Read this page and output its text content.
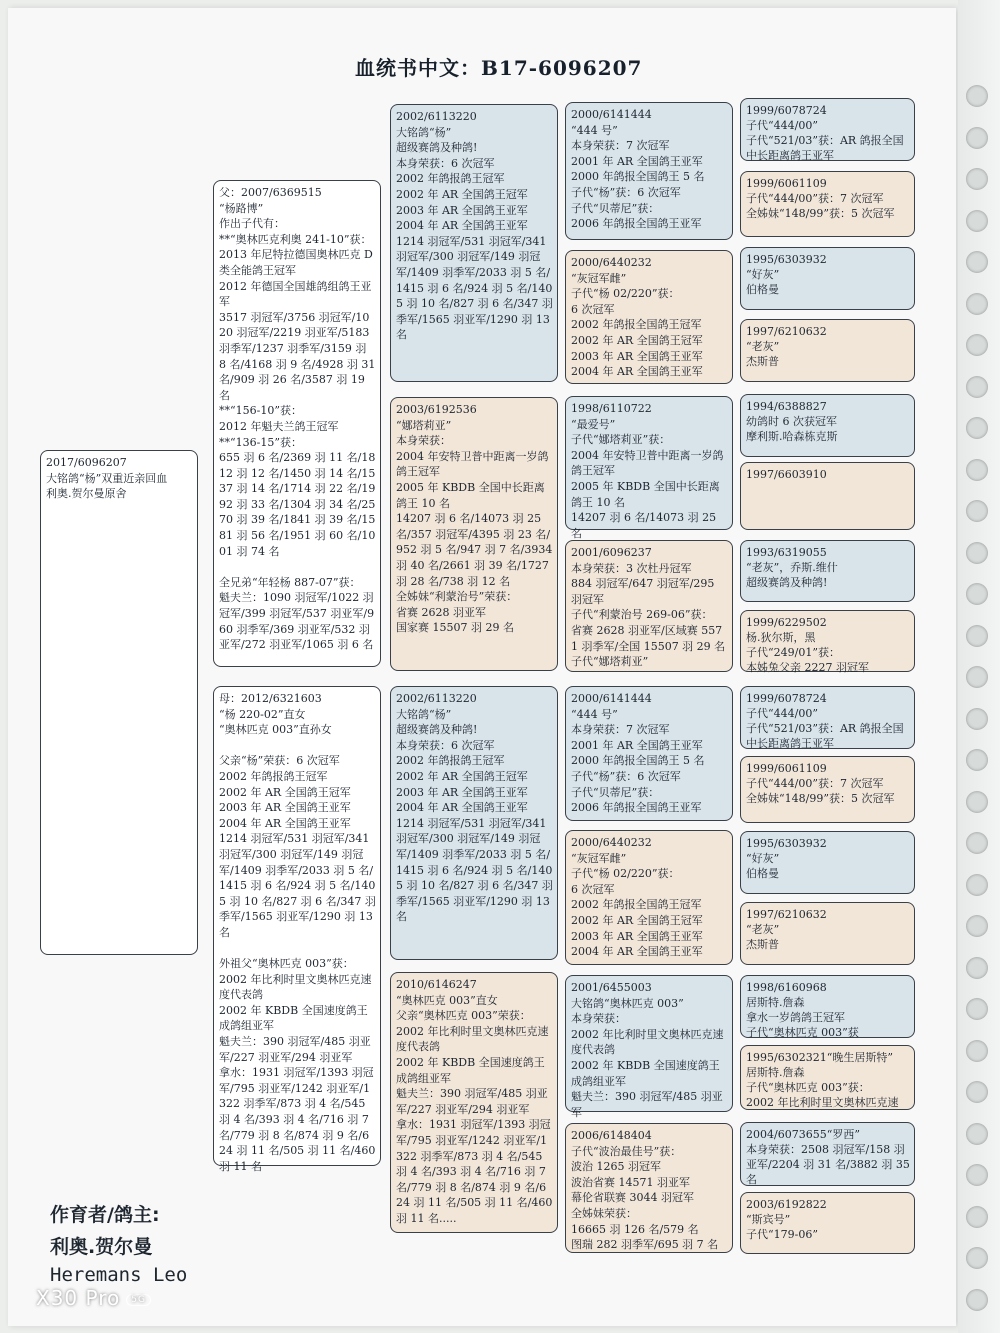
血统书中文：B17-6096207
2017/6096207
大铭鸽“杨”双重近亲回血
利奥.贺尔曼原舍
父：2007/6369515
“杨路博”
作出子代有：
**“奥林匹克利奥 241-10”获：
2013 年尼特拉德国奥林匹克 D 类全能鸽王冠军
2012 年德国全国雄鸽组鸽王亚军
3517 羽冠军/3756 羽冠军/1020 羽冠军/2219 羽亚军/5183 羽季军/1237 羽季军/3159 羽 8 名/4168 羽 9 名/4928 羽 31 名/909 羽 26 名/3587 羽 19 名
**“156-10”获：
2012 年魁夫兰鸽王冠军
**“136-15”获：
655 羽 6 名/2369 羽 11 名/1812 羽 12 名/1450 羽 14 名/1537 羽 14 名/1714 羽 22 名/1992 羽 33 名/1304 羽 34 名/2570 羽 39 名/1841 羽 39 名/1581 羽 56 名/1951 羽 60 名/1001 羽 74 名

全兄弟“年轻杨 887-07”获：
魁夫兰：1090 羽冠军/1022 羽冠军/399 羽冠军/537 羽亚军/960 羽季军/369 羽亚军/532 羽亚军/272 羽亚军/1065 羽 6 名
母：2012/6321603
“杨 220-02”直女
“奥林匹克 003”直孙女

父亲“杨”荣获：6 次冠军
2002 年鸽报鸽王冠军
2002 年 AR 全国鸽王冠军
2003 年 AR 全国鸽王亚军
2004 年 AR 全国鸽王亚军
1214 羽冠军/531 羽冠军/341 羽冠军/300 羽冠军/149 羽冠军/1409 羽季军/2033 羽 5 名/1415 羽 6 名/924 羽 5 名/1405 羽 10 名/827 羽 6 名/347 羽季军/1565 羽亚军/1290 羽 13 名

外祖父“奥林匹克 003”获：
2002 年比利时里文奥林匹克速度代表鸽
2002 年 KBDB 全国速度鸽王成鸽组亚军
魁夫兰：390 羽冠军/485 羽亚军/227 羽亚军/294 羽亚军
拿水：1931 羽冠军/1393 羽冠军/795 羽亚军/1242 羽亚军/1322 羽季军/873 羽 4 名/545 羽 4 名/393 羽 4 名/716 羽 7 名/779 羽 8 名/874 羽 9 名/624 羽 11 名/505 羽 11 名/460 羽 11 名
2002/6113220
大铭鸽“杨”
超级赛鸽及种鸽!
本身荣获：6 次冠军
2002 年鸽报鸽王冠军
2002 年 AR 全国鸽王冠军
2003 年 AR 全国鸽王亚军
2004 年 AR 全国鸽王亚军
1214 羽冠军/531 羽冠军/341 羽冠军/300 羽冠军/149 羽冠军/1409 羽季军/2033 羽 5 名/1415 羽 6 名/924 羽 5 名/1405 羽 10 名/827 羽 6 名/347 羽季军/1565 羽亚军/1290 羽 13 名
2003/6192536
“娜塔莉亚”
本身荣获：
2004 年安特卫普中距离一岁鸽鸽王冠军
2005 年 KBDB 全国中长距离鸽王 10 名
14207 羽 6 名/14073 羽 25 名/357 羽冠军/4395 羽 23 名/952 羽 5 名/947 羽 7 名/3934 羽 40 名/2661 羽 39 名/1727 羽 28 名/738 羽 12 名
全姊妹“利蒙治号”荣获：
省赛 2628 羽亚军
国家赛 15507 羽 29 名
2002/6113220
大铭鸽“杨”
超级赛鸽及种鸽!
本身荣获：6 次冠军
2002 年鸽报鸽王冠军
2002 年 AR 全国鸽王冠军
2003 年 AR 全国鸽王亚军
2004 年 AR 全国鸽王亚军
1214 羽冠军/531 羽冠军/341 羽冠军/300 羽冠军/149 羽冠军/1409 羽季军/2033 羽 5 名/1415 羽 6 名/924 羽 5 名/1405 羽 10 名/827 羽 6 名/347 羽季军/1565 羽亚军/1290 羽 13 名
2010/6146247
“奥林匹克 003”直女
父亲“奥林匹克 003”荣获：
2002 年比利时里文奥林匹克速度代表鸽
2002 年 KBDB 全国速度鸽王成鸽组亚军
魁夫兰：390 羽冠军/485 羽亚军/227 羽亚军/294 羽亚军
拿水：1931 羽冠军/1393 羽冠军/795 羽亚军/1242 羽亚军/1322 羽季军/873 羽 4 名/545 羽 4 名/393 羽 4 名/716 羽 7 名/779 羽 8 名/874 羽 9 名/624 羽 11 名/505 羽 11 名/460 羽 11 名.....
2000/6141444
“444 号”
本身荣获：7 次冠军
2001 年 AR 全国鸽王亚军
2000 年鸽报全国鸽王 5 名
子代“杨”获：6 次冠军
子代“贝蒂尼”获：
2006 年鸽报全国鸽王亚军
2000/6440232
“灰冠军雌”
子代“杨 02/220”获：
6 次冠军
2002 年鸽报全国鸽王冠军
2002 年 AR 全国鸽王冠军
2003 年 AR 全国鸽王亚军
2004 年 AR 全国鸽王亚军
1998/6110722
“最爱号”
子代“娜塔莉亚”获：
2004 年安特卫普中距离一岁鸽鸽王冠军
2005 年 KBDB 全国中长距离鸽王 10 名
14207 羽 6 名/14073 羽 25 名
2001/6096237
本身荣获：3 次杜丹冠军
884 羽冠军/647 羽冠军/295 羽冠军
子代“利蒙治号 269-06”获：
省赛 2628 羽亚军/区域赛 5571 羽季军/全国 15507 羽 29 名
子代“娜塔莉亚”
2000/6141444
“444 号”
本身荣获：7 次冠军
2001 年 AR 全国鸽王亚军
2000 年鸽报全国鸽王 5 名
子代“杨”获：6 次冠军
子代“贝蒂尼”获：
2006 年鸽报全国鸽王亚军
2000/6440232
“灰冠军雌”
子代“杨 02/220”获：
6 次冠军
2002 年鸽报全国鸽王冠军
2002 年 AR 全国鸽王冠军
2003 年 AR 全国鸽王亚军
2004 年 AR 全国鸽王亚军
2001/6455003
大铭鸽“奥林匹克 003”
本身荣获：
2002 年比利时里文奥林匹克速度代表鸽
2002 年 KBDB 全国速度鸽王成鸽组亚军
魁夫兰：390 羽冠军/485 羽亚军
2006/6148404
子代“波治最佳号”获：
波治 1265 羽冠军
波治省赛 14571 羽亚军
幕伦省联赛 3044 羽冠军
全姊妹荣获：
16665 羽 126 名/579 名
图瑞 282 羽季军/695 羽 7 名
1999/6078724
子代“444/00”
子代“521/03”获：AR 鸽报全国中长距离鸽王亚军
1999/6061109
子代“444/00”获：7 次冠军
全姊妹“148/99”获：5 次冠军
1995/6303932
“好灰”
伯格曼
1997/6210632
“老灰”
杰斯普
1994/6388827
幼鸽时 6 次获冠军
摩利斯.哈森栋克斯
1997/6603910
1993/6319055
“老灰”，乔斯.维什
超级赛鸽及种鸽!
1999/6229502
杨.狄尔斯，黑
子代“249/01”获：
本姊兔父亲 2227 羽冠军
1999/6078724
子代“444/00”
子代“521/03”获：AR 鸽报全国中长距离鸽王亚军
1999/6061109
子代“444/00”获：7 次冠军
全姊妹“148/99”获：5 次冠军
1995/6303932
“好灰”
伯格曼
1997/6210632
“老灰”
杰斯普
1998/6160968
居斯特.詹森
拿水一岁鸽鸽王冠军
子代“奥林匹克 003”获
1995/6302321“晚生居斯特”
居斯特.詹森
子代“奥林匹克 003”获：
2002 年比利时里文奥林匹克速
2004/6073655“罗西”
本身荣获：2508 羽冠军/158 羽亚军/2204 羽 31 名/3882 羽 35 名
2003/6192822
“斯宾号”
子代“179-06”
作育者/鸽主:
利奥.贺尔曼
Heremans Leo
X30 Pro 5G
